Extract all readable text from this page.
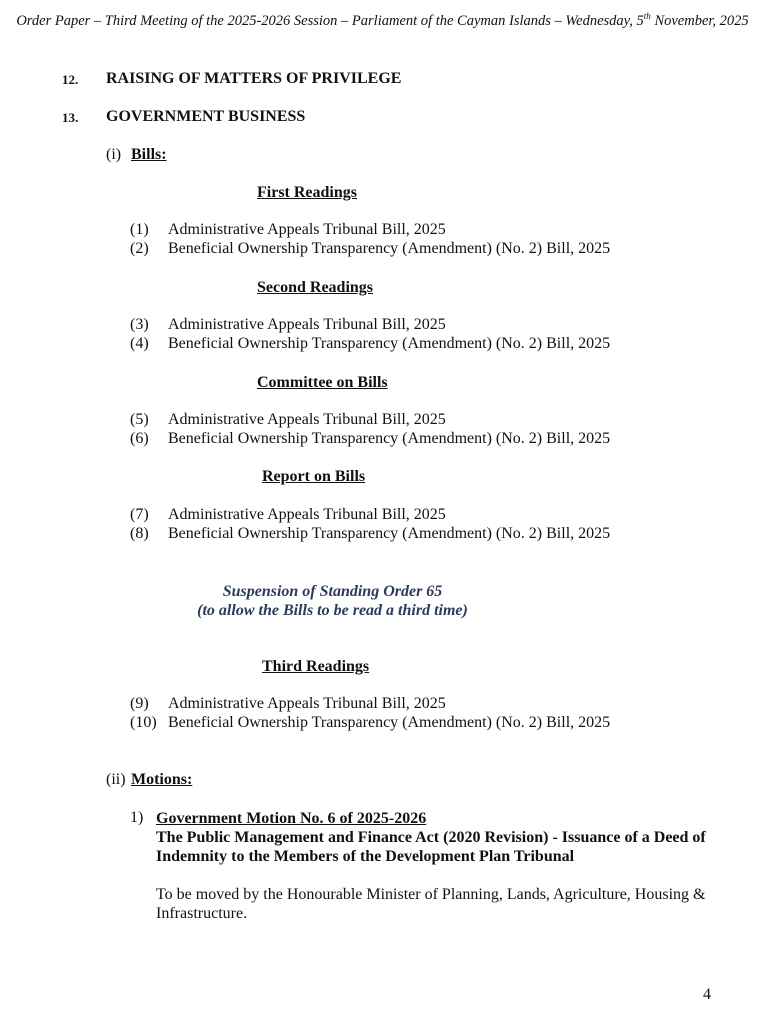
Order Paper – Third Meeting of the 2025-2026 Session – Parliament of the Cayman Islands – Wednesday, 5th November, 2025
12. RAISING OF MATTERS OF PRIVILEGE
13. GOVERNMENT BUSINESS
(i) Bills:
First Readings
(1) Administrative Appeals Tribunal Bill, 2025
(2) Beneficial Ownership Transparency (Amendment) (No. 2) Bill, 2025
Second Readings
(3) Administrative Appeals Tribunal Bill, 2025
(4) Beneficial Ownership Transparency (Amendment) (No. 2) Bill, 2025
Committee on Bills
(5) Administrative Appeals Tribunal Bill, 2025
(6) Beneficial Ownership Transparency (Amendment) (No. 2) Bill, 2025
Report on Bills
(7) Administrative Appeals Tribunal Bill, 2025
(8) Beneficial Ownership Transparency (Amendment) (No. 2) Bill, 2025
Suspension of Standing Order 65
(to allow the Bills to be read a third time)
Third Readings
(9) Administrative Appeals Tribunal Bill, 2025
(10) Beneficial Ownership Transparency (Amendment) (No. 2) Bill, 2025
(ii) Motions:
1) Government Motion No. 6 of 2025-2026
The Public Management and Finance Act (2020 Revision) - Issuance of a Deed of Indemnity to the Members of the Development Plan Tribunal
To be moved by the Honourable Minister of Planning, Lands, Agriculture, Housing & Infrastructure.
4
